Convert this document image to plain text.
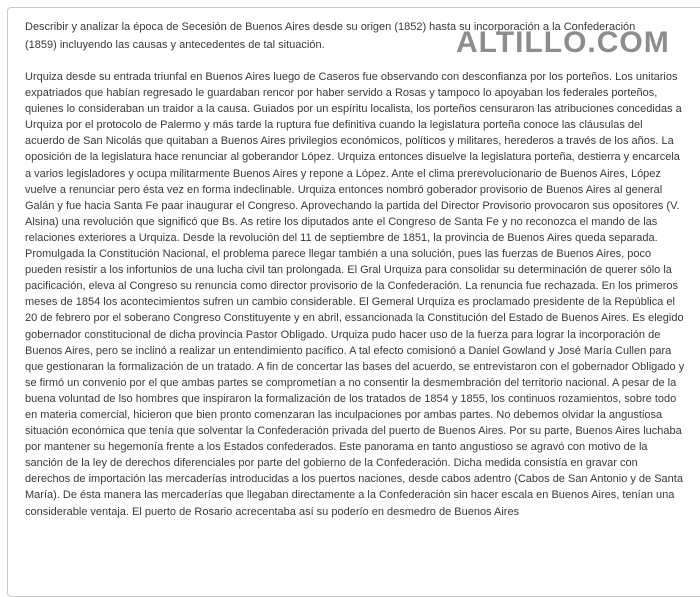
Describir y analizar la época de Secesión de Buenos Aires desde su origen (1852) hasta su incorporación a la Confederación (1859) incluyendo las causas y antecedentes de tal situación.	ALTILLO.COM

Urquiza desde su entrada triunfal en Buenos Aires luego de Caseros fue observando con desconfianza por los porteños. Los unitarios expatriados que habían regresado le guardaban rencor por haber servido a Rosas y tampoco lo apoyaban los federales porteños, quienes lo consideraban un traidor a la causa. Guiados por un espíritu localista, los porteños censuraron las atribuciones concedidas a Urquiza por el protocolo de Palermo y más tarde la ruptura fue definitiva cuando la legislatura porteña conoce las cláusulas del acuerdo de San Nicolás que quitaban a Buenos Aires privilegios económicos, políticos y militares, herederos a través de los años. La oposición de la legislatura hace renunciar al goberandor López. Urquiza entonces disuelve la legislatura porteña, destierra y encarcela a varios legisladores y ocupa militarmente Buenos Aires y repone a López. Ante el clima prerevolucionario de Buenos Aires, López vuelve a renunciar pero ésta vez en forma indeclinable. Urquiza entonces nombró goberador provisorio de Buenos Aires al general Galán y fue hacia Santa Fe paar inaugurar el Congreso. Aprovechando la partida del Director Provisorio provocaron sus opositores (V. Alsina) una revolución que significó que Bs. As retire los diputados ante el Congreso de Santa Fe y no reconozca el mando de las relaciones exteriores a Urquiza. Desde la revolución del 11 de septiembre de 1851, la provincia de Buenos Aires queda separada. Promulgada la Constitución Nacional, el problema parece llegar también a una solución, pues las fuerzas de Buenos Aires, poco pueden resistir a los infortunios de una lucha civil tan prolongada. El Gral Urquiza para consolidar su determinación de querer sólo la pacificación, eleva al Congreso su renuncia como director provisorio de la Confederación. La renuncia fue rechazada. En los primeros meses de 1854 los acontecimientos sufren un cambio considerable. El Gemeral Urquiza es proclamado presidente de la República el 20 de febrero por el soberano Congreso Constituyente y en abril, essancionada la Constitución del Estado de Buenos Aires. Es elegido gobernador constitucional de dicha provincia Pastor Obligado. Urquiza pudo hacer uso de la fuerza para lograr la incorporación de Buenos Aires, pero se inclinó a realizar un entendimiento pacífico. A tal efecto comisionó a Daniel Gowland y José María Cullen para que gestionaran la formalización de un tratado. A fin de concertar las bases del acuerdo, se entrevistaron con el gobernador Obligado y se firmó un convenio por el que ambas partes se comprometían a no consentir la desmembración del territorio nacional. A pesar de la buena voluntad de lso hombres que inspiraron la formalización de los tratados de 1854 y 1855, los continuos rozamientos, sobre todo en materia comercial, hicieron que bien pronto comenzaran las inculpaciones por ambas partes. No debemos olvidar la angustiosa situación económica que tenía que solventar la Confederación privada del puerto de Buenos Aires. Por su parte, Buenos Aires luchaba por mantener su hegemonía frente a los Estados confederados. Este panorama en tanto angustioso se agravó con motivo de la sanción de la ley de derechos diferenciales por parte del gobierno de la Confederación. Dicha medida consistía en gravar con derechos de importación las mercaderías introducidas a los puertos naciones, desde cabos adentro (Cabos de San Antonio y de Santa María). De ésta manera las mercaderías que llegaban directamente a la Confederación sin hacer escala en Buenos Aires, tenían una considerable ventaja. El puerto de Rosario acrecentaba así su poderío en desmedro de Buenos Aires
